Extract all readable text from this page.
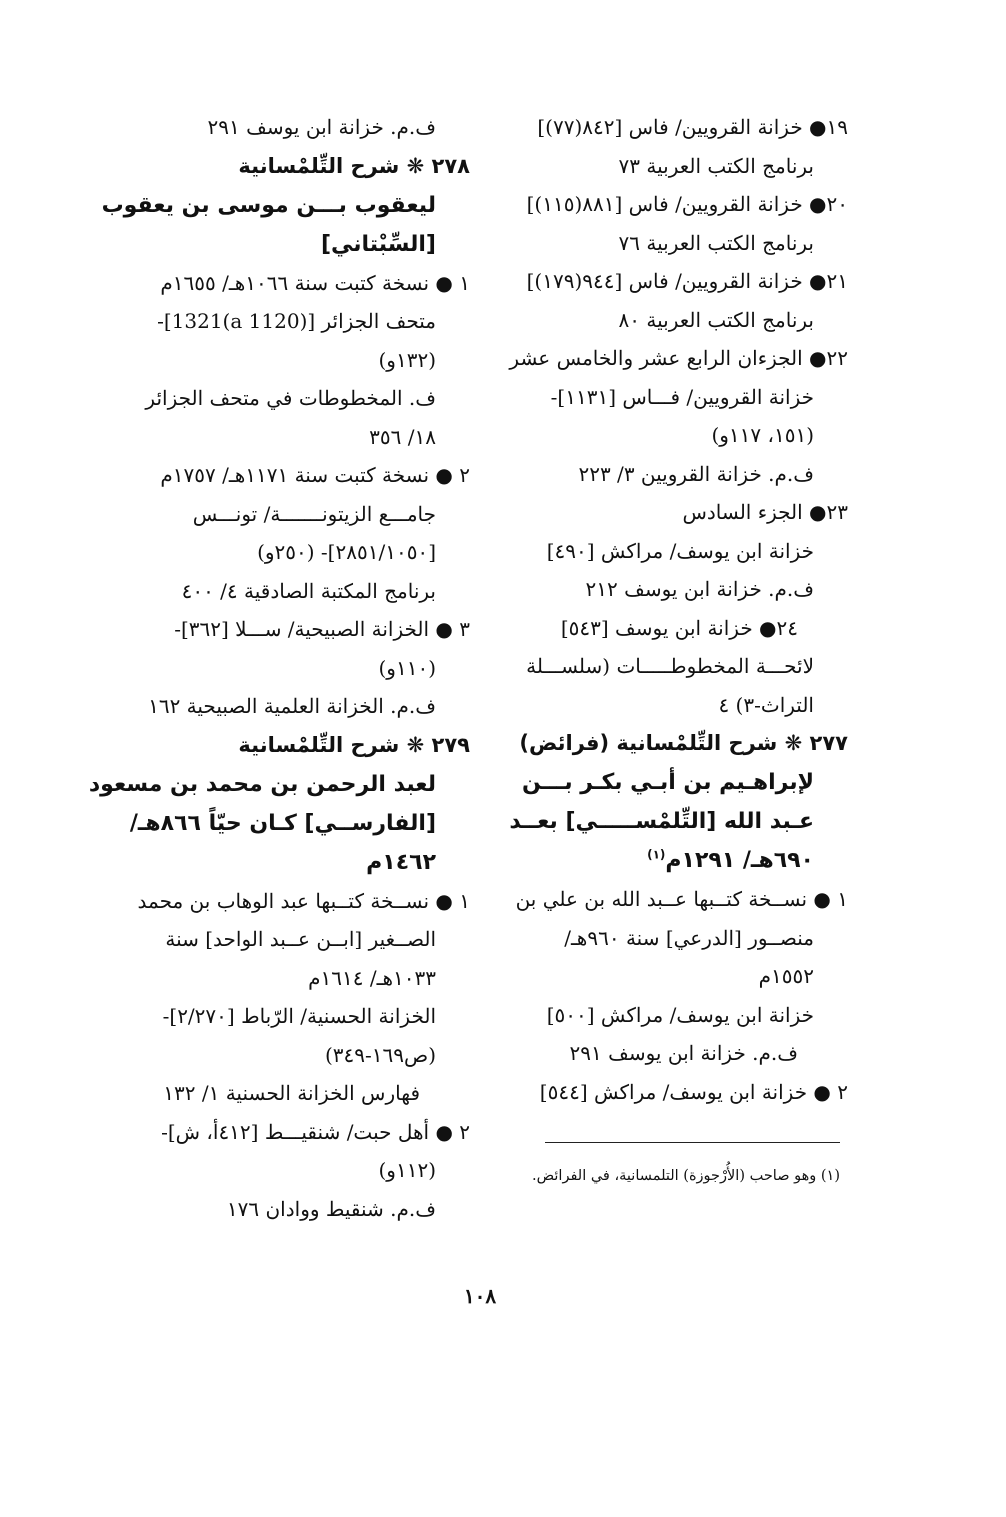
١٩● خزانة القرويين/ فاس [٨٤٢(٧٧)]
برنامج الكتب العربية ٧٣
٢٠● خزانة القرويين/ فاس [٨٨١(١١٥)]
برنامج الكتب العربية ٧٦
٢١● خزانة القرويين/ فاس [٩٤٤(١٧٩)]
برنامج الكتب العربية ٨٠
٢٢● الجزءان الرابع عشر والخامس عشر
خزانة القرويين/ فـــاس [١١٣١]-
(١٥١، ١١٧و)
ف.م. خزانة القرويين ٣/ ٢٢٣
٢٣● الجزء السادس
خزانة ابن يوسف/ مراكش [٤٩٠]
ف.م. خزانة ابن يوسف ٢١٢
٢٤● خزانة ابن يوسف [٥٤٣]
لائحـــة المخطوطـــــات (سلســـلة
التراث-٣) ٤
٢٧٧ ❋ شرح التِّلمْسانية (فرائض)
لإبراهـيم بن أبـي بكـر بـــن
عـبد الله [التِّلمْســـــي] بعــد
٦٩٠هـ/ ١٢٩١م$^{(١)}$
١ ● نســخة كتــبها عــبد الله بن علي بن
منصــور [الدرعي] سنة ٩٦٠هـ/
١٥٥٢م
خزانة ابن يوسف/ مراكش [٥٠٠]
ف.م. خزانة ابن يوسف ٢٩١
٢ ● خزانة ابن يوسف/ مراكش [٥٤٤]
ف.م. خزانة ابن يوسف ٢٩١
٢٧٨ ❋ شرح التِّلمْسانية
ليعقوب بـــن موسى بن يعقوب
[السِّبْتاني]
١ ● نسخة كتبت سنة ١٠٦٦هـ/ ١٦٥٥م
متحف الجزائر [(1120 a)1321]-
(١٣٢و)
ف. المخطوطات في متحف الجزائر
١٨/ ٣٥٦
٢ ● نسخة كتبت سنة ١١٧١هـ/ ١٧٥٧م
جامـــع الزيتونـــــــة/ تونـــس
[٢٨٥١/١٠٥٠]- (٢٥٠و)
برنامج المكتبة الصادقية ٤/ ٤٠٠
٣ ● الخزانة الصبيحية/ ســـلا [٣٦٢]-
(١١٠و)
ف.م. الخزانة العلمية الصبيحية ١٦٢
٢٧٩ ❋ شرح التِّلمْسانية
لعبد الرحمن بن محمد بن مسعود
[الفارســي] كـان حيّاً ٨٦٦هـ/
١٤٦٢م
١ ● نســخة كتــبها عبد الوهاب بن محمد
الصــغير [ابــن عــبد الواحد] سنة
١٠٣٣هـ/ ١٦١٤م
الخزانة الحسنية/ الرّباط [٢/٢٧٠]-
(ص١٦٩-٣٤٩)
فهارس الخزانة الحسنية ١/ ١٣٢
٢ ● أهل حبت/ شنقيـــط [٤١٢أ، ش]-
(١١٢و)
ف.م. شنقيط ووادان ١٧٦
(١) وهو صاحب (الأُرْجوزة) التلمسانية، في الفرائض.
١٠٨
